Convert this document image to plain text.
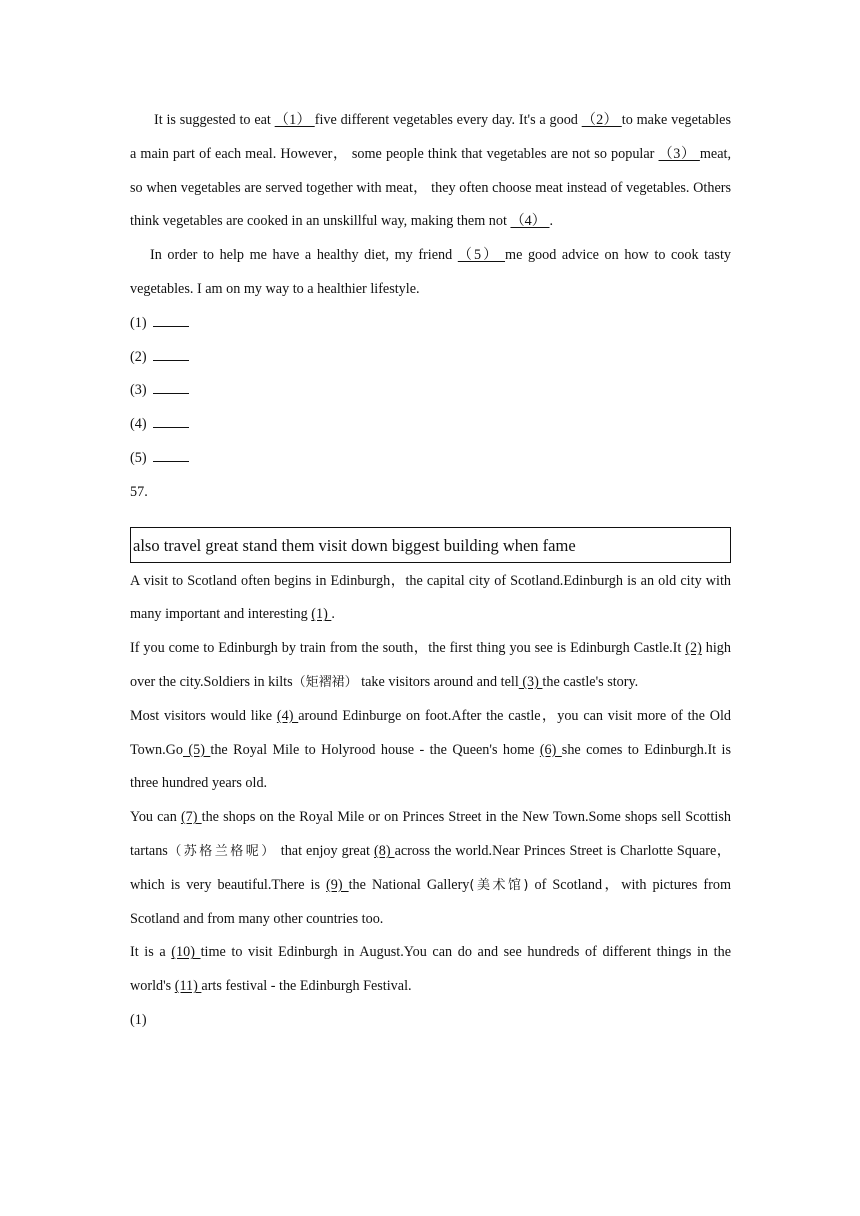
It is suggested to eat （1） five different vegetables every day. It's a good （2） to make vegetables a main part of each meal. However， some people think that vegetables are not so popular （3） meat, so when vegetables are served together with meat， they often choose meat instead of vegetables. Others think vegetables are cooked in an unskillful way, making them not （4） .

In order to help me have a healthy diet, my friend （5） me good advice on how to cook tasty vegetables. I am on my way to a healthier lifestyle.

(1)

(2)

(3)

(4)

(5)

57.

also travel great stand them visit down biggest building when fame

A visit to Scotland often begins in Edinburgh，the capital city of Scotland.Edinburgh is an old city with many important and interesting (1) .

If you come to Edinburgh by train from the south，the first thing you see is Edinburgh Castle.It (2) high over the city.Soldiers in kilts（矩褶裙） take visitors around and tell (3) the castle's story.

Most visitors would like (4) around Edinburge on foot.After the castle，you can visit more of the Old Town.Go (5) the Royal Mile to Holyrood house - the Queen's home (6) she comes to Edinburgh.It is three hundred years old.

You can (7) the shops on the Royal Mile or on Princes Street in the New Town.Some shops sell Scottish tartans（苏格兰格呢） that enjoy great (8) across the world.Near Princes Street is Charlotte Square，which is very beautiful.There is (9) the National Gallery(美术馆) of Scotland，with pictures from Scotland and from many other countries too.

It is a (10) time to visit Edinburgh in August.You can do and see hundreds of different things in the world's (11) arts festival - the Edinburgh Festival.

(1)
